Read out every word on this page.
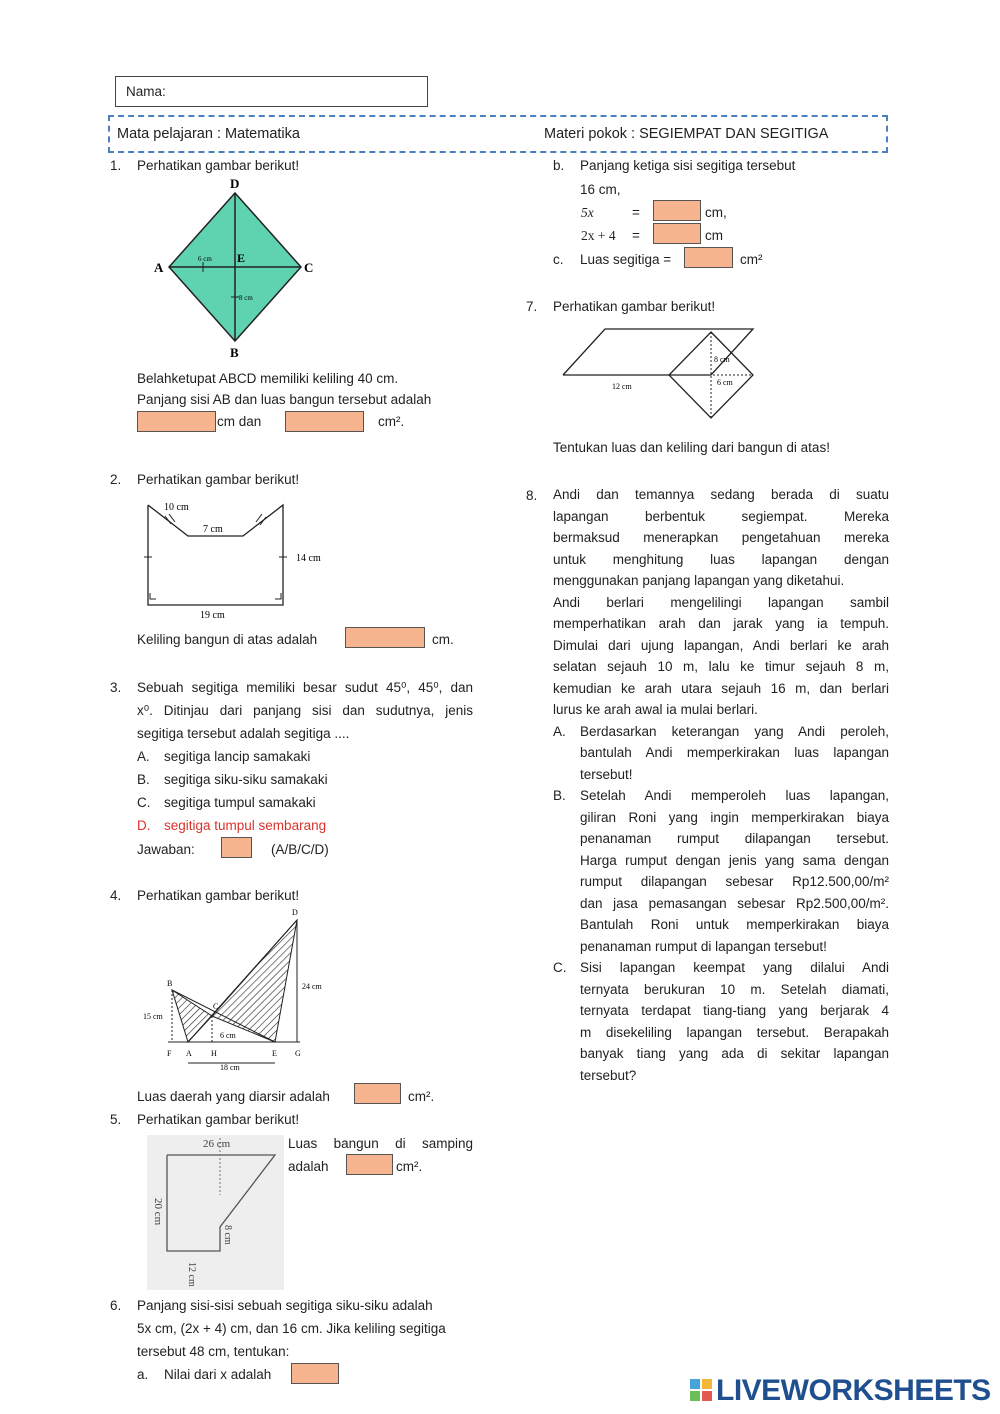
Nama:
Mata pelajaran : Matematika	Materi pokok : SEGIEMPAT DAN SEGITIGA
1. Perhatikan gambar berikut!
D
A
E
C
B
6 cm
8 cm
Belahketupat ABCD memiliki keliling 40 cm.
Panjang sisi AB dan luas bangun tersebut adalah
cm dan	cm².
2. Perhatikan gambar berikut!
10 cm
7 cm
14 cm
19 cm
Keliling bangun di atas adalah	cm.
3. Sebuah segitiga memiliki besar sudut 45⁰, 45⁰, dan
x⁰. Ditinjau dari panjang sisi dan sudutnya, jenis
segitiga tersebut adalah segitiga ....
A. segitiga lancip samakaki
B. segitiga siku-siku samakaki
C. segitiga tumpul samakaki
D. segitiga tumpul sembarang
Jawaban:	(A/B/C/D)
4. Perhatikan gambar berikut!
D
B
C
F A H	E G
24 cm
15 cm
6 cm
18 cm
Luas daerah yang diarsir adalah	cm².
5. Perhatikan gambar berikut!
26 cm
20 cm
8 cm
12 cm
Luas bangun di samping
adalah	cm².
6. Panjang sisi-sisi sebuah segitiga siku-siku adalah
5x cm, (2x + 4) cm, dan 16 cm. Jika keliling segitiga
tersebut 48 cm, tentukan:
a. Nilai dari x adalah
b. Panjang ketiga sisi segitiga tersebut
16 cm,
5x	=	cm,
2x + 4 =	cm
c. Luas segitiga =	cm²
7. Perhatikan gambar berikut!
8 cm
12 cm	6 cm
Tentukan luas dan keliling dari bangun di atas!
8. Andi dan temannya sedang berada di suatu

lapangan berbentuk segiempat. Mereka

bermaksud menerapkan pengetahuan mereka

untuk menghitung luas lapangan dengan

menggunakan panjang lapangan yang diketahui.

Andi berlari mengelilingi lapangan sambil

memperhatikan arah dan jarak yang ia tempuh.

Dimulai dari ujung lapangan, Andi berlari ke arah

selatan sejauh 10 m, lalu ke timur sejauh 8 m,

kemudian ke arah utara sejauh 16 m, dan berlari

lurus ke arah awal ia mulai berlari.

A. Berdasarkan keterangan yang Andi peroleh,

bantulah Andi memperkirakan luas lapangan

tersebut!

B. Setelah Andi memperoleh luas lapangan,

giliran Roni yang ingin memperkirakan biaya

penanaman rumput dilapangan tersebut.

Harga rumput dengan jenis yang sama dengan

rumput dilapangan sebesar Rp12.500,00/m²

dan jasa pemasangan sebesar Rp2.500,00/m².

Bantulah Roni untuk memperkirakan biaya

penanaman rumput di lapangan tersebut!

C. Sisi lapangan keempat yang dilalui Andi

ternyata berukuran 10 m. Setelah diamati,

ternyata terdapat tiang-tiang yang berjarak 4

m disekeliling lapangan tersebut. Berapakah

banyak tiang yang ada di sekitar lapangan

tersebut?

LIVEWORKSHEETS
